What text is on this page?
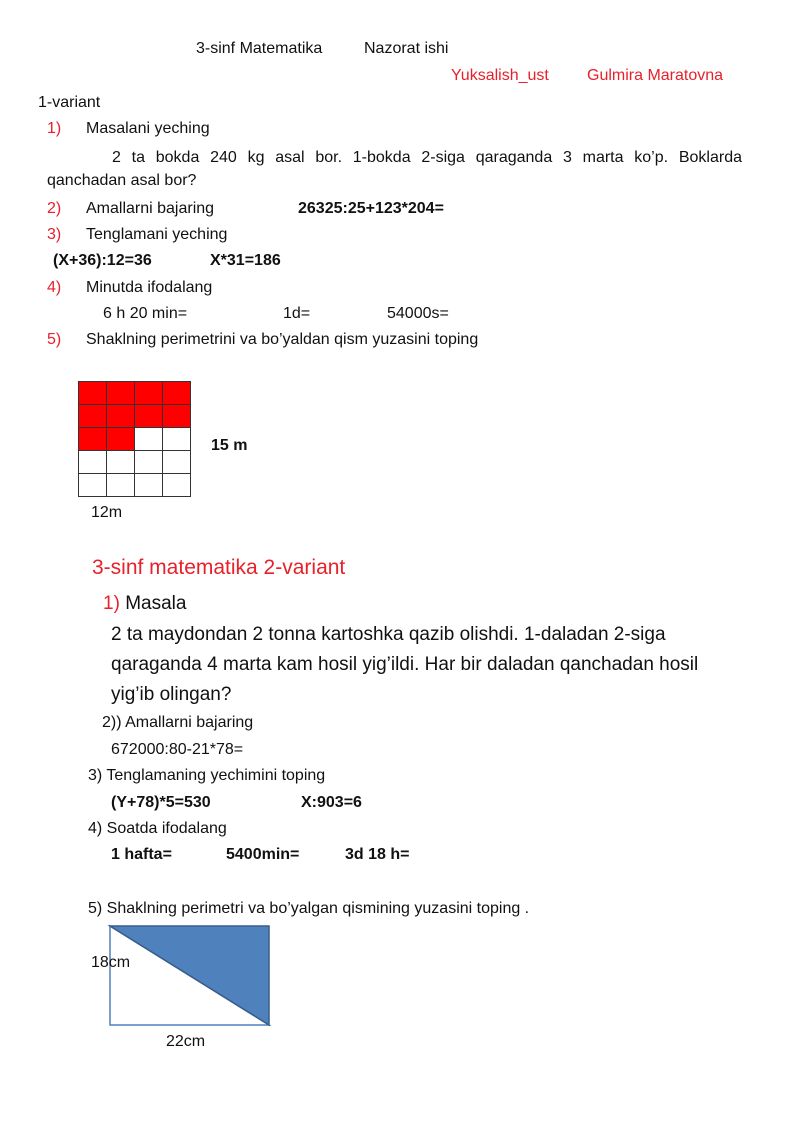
3-sinf Matematika	Nazorat ishi
Yuksalish_ust Gulmira Maratovna
1-variant
1) Masalani yeching
2 ta bokda 240 kg asal bor. 1-bokda 2-siga qaraganda 3 marta ko’p. Boklarda qanchadan asal bor?
2) Amallarni bajaring	26325:25+123*204=
3) Tenglamani yeching
(X+36):12=36	X*31=186
4) Minutda ifodalang
6 h 20 min=	1d=	54000s=
5) Shaklning perimetrini va bo’yaldan qism yuzasini toping

15 m
12m
3-sinf matematika 2-variant
1) Masala
2 ta maydondan 2 tonna kartoshka qazib olishdi. 1-daladan 2-siga
qaraganda 4 marta kam hosil yig’ildi. Har bir daladan qanchadan hosil
yig’ib olingan?
2)) Amallarni bajaring
672000:80-21*78=
3) Tenglamaning yechimini toping
(Y+78)*5=530	X:903=6
4) Soatda ifodalang
1 hafta=	5400min=	3d 18 h=
5) Shaklning perimetri va bo’yalgan qismining yuzasini toping .
18cm
22cm
